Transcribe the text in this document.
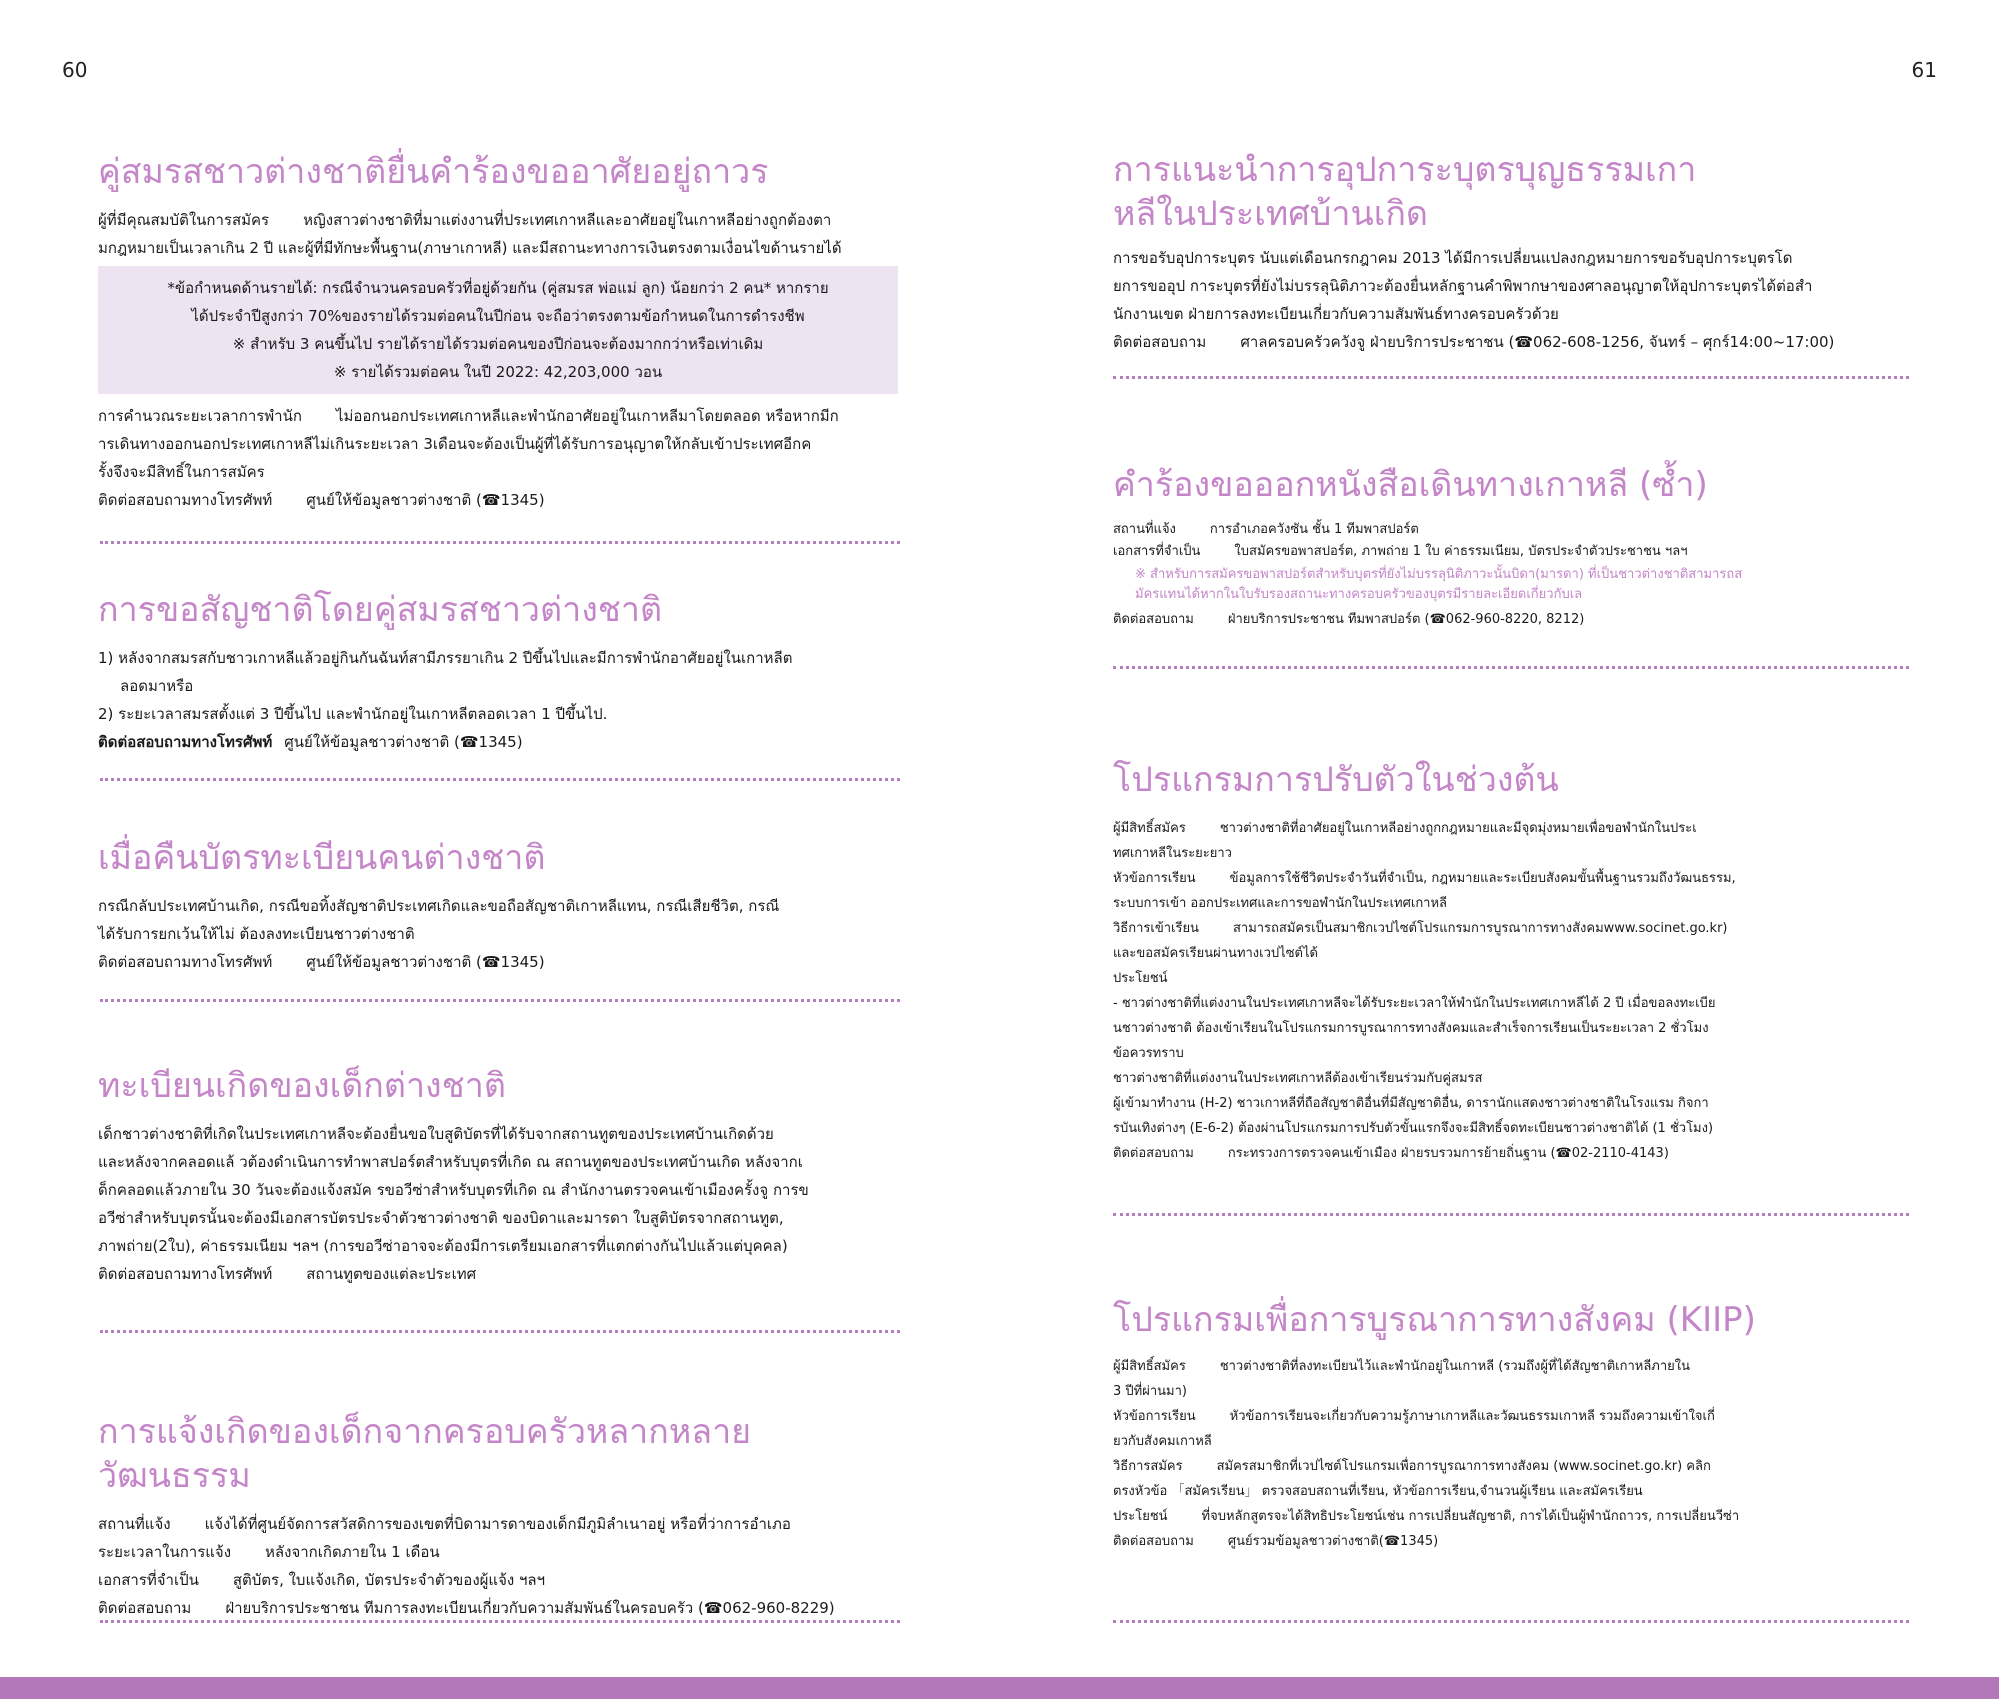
60	61
คู่สมรสชาวต่างชาติยื่นคำร้องขออาศัยอยู่ถาวร

ผู้ที่มีคุณสมบัติในการสมัคร หญิงสาวต่างชาติที่มาแต่งงานที่ประเทศเกาหลีและอาศัยอยู่ในเกาหลีอย่างถูกต้องตา

มกฎหมายเป็นเวลาเกิน 2 ปี และผู้ที่มีทักษะพื้นฐาน(ภาษาเกาหลี) และมีสถานะทางการเงินตรงตามเงื่อนไขด้านรายได้

*ข้อกำหนดด้านรายได้: กรณีจำนวนครอบครัวที่อยู่ด้วยกัน (คู่สมรส พ่อแม่ ลูก) น้อยกว่า 2 คน* หากราย
ได้ประจำปีสูงกว่า 70%ของรายได้รวมต่อคนในปีก่อน จะถือว่าตรงตามข้อกำหนดในการดำรงชีพ
※ สำหรับ 3 คนขึ้นไป รายได้รายได้รวมต่อคนของปีก่อนจะต้องมากกว่าหรือเท่าเดิม
※ รายได้รวมต่อคน ในปี 2022: 42,203,000 วอน

การคำนวณระยะเวลาการพำนัก ไม่ออกนอกประเทศเกาหลีและพำนักอาศัยอยู่ในเกาหลีมาโดยตลอด หรือหากมีก

ารเดินทางออกนอกประเทศเกาหลีไม่เกินระยะเวลา 3เดือนจะต้องเป็นผู้ที่ได้รับการอนุญาตให้กลับเข้าประเทศอีกค

รั้งจึงจะมีสิทธิ์ในการสมัคร

ติดต่อสอบถามทางโทรศัพท์ ศูนย์ให้ข้อมูลชาวต่างชาติ (☎1345)

การขอสัญชาติโดยคู่สมรสชาวต่างชาติ

1) หลังจากสมรสกับชาวเกาหลีแล้วอยู่กินกันฉันท์สามีภรรยาเกิน 2 ปีขึ้นไปและมีการพำนักอาศัยอยู่ในเกาหลีต

ลอดมาหรือ

2) ระยะเวลาสมรสตั้งแต่ 3 ปีขึ้นไป และพำนักอยู่ในเกาหลีตลอดเวลา 1 ปีขึ้นไป.

ติดต่อสอบถามทางโทรศัพท์ ศูนย์ให้ข้อมูลชาวต่างชาติ (☎1345)

เมื่อคืนบัตรทะเบียนคนต่างชาติ

กรณีกลับประเทศบ้านเกิด, กรณีขอทิ้งสัญชาติประเทศเกิดและขอถือสัญชาติเกาหลีแทน, กรณีเสียชีวิต, กรณี

ได้รับการยกเว้นให้ไม่ ต้องลงทะเบียนชาวต่างชาติ

ติดต่อสอบถามทางโทรศัพท์ ศูนย์ให้ข้อมูลชาวต่างชาติ (☎1345)

ทะเบียนเกิดของเด็กต่างชาติ

เด็กชาวต่างชาติที่เกิดในประเทศเกาหลีจะต้องยื่นขอใบสูติบัตรที่ได้รับจากสถานทูตของประเทศบ้านเกิดด้วย

และหลังจากคลอดแล้ วต้องดำเนินการทำพาสปอร์ตสำหรับบุตรที่เกิด ณ สถานทูตของประเทศบ้านเกิด หลังจากเ

ด็กคลอดแล้วภายใน 30 วันจะต้องแจ้งสมัค รขอวีซ่าสำหรับบุตรที่เกิด ณ สำนักงานตรวจคนเข้าเมืองครั้งจู การข

อวีซ่าสำหรับบุตรนั้นจะต้องมีเอกสารบัตรประจำตัวชาวต่างชาติ ของบิดาและมารดา ใบสูติบัตรจากสถานทูต,

ภาพถ่าย(2ใบ), ค่าธรรมเนียม ฯลฯ (การขอวีซ่าอาจจะต้องมีการเตรียมเอกสารที่แตกต่างกันไปแล้วแต่บุคคล)

ติดต่อสอบถามทางโทรศัพท์ สถานทูตของแต่ละประเทศ

การแจ้งเกิดของเด็กจากครอบครัวหลากหลายวัฒนธรรม

สถานที่แจ้ง แจ้งได้ที่ศูนย์จัดการสวัสดิการของเขตที่บิดามารดาของเด็กมีภูมิลำเนาอยู่ หรือที่ว่าการอำเภอ

ระยะเวลาในการแจ้ง หลังจากเกิดภายใน 1 เดือน

เอกสารที่จำเป็น สูติบัตร, ใบแจ้งเกิด, บัตรประจำตัวของผู้แจ้ง ฯลฯ

ติดต่อสอบถาม ฝ่ายบริการประชาชน ทีมการลงทะเบียนเกี่ยวกับความสัมพันธ์ในครอบครัว (☎062-960-8229)

การแนะนำการอุปการะบุตรบุญธรรมเกา
หลีในประเทศบ้านเกิด

การขอรับอุปการะบุตร นับแต่เดือนกรกฎาคม 2013 ได้มีการเปลี่ยนแปลงกฎหมายการขอรับอุปการะบุตรโด

ยการขออุป การะบุตรที่ยังไม่บรรลุนิติภาวะต้องยื่นหลักฐานคำพิพากษาของศาลอนุญาตให้อุปการะบุตรได้ต่อสำ

นักงานเขต ฝ่ายการลงทะเบียนเกี่ยวกับความสัมพันธ์ทางครอบครัวด้วย

ติดต่อสอบถาม ศาลครอบครัวควังจู ฝ่ายบริการประชาชน (☎062-608-1256, จันทร์ – ศุกร์14:00~17:00)

คำร้องขอออกหนังสือเดินทางเกาหลี (ซ้ำ)

สถานที่แจ้ง	การอำเภอควังซัน ชั้น 1 ทีมพาสปอร์ต

เอกสารที่จำเป็น	ใบสมัครขอพาสปอร์ต, ภาพถ่าย 1 ใบ ค่าธรรมเนียม, บัตรประจำตัวประชาชน ฯลฯ

※ สำหรับการสมัครขอพาสปอร์ตสำหรับบุตรที่ยังไม่บรรลุนิติภาวะนั้นบิดา(มารดา) ที่เป็นชาวต่างชาติสามารถส
มัครแทนได้หากในใบรับรองสถานะทางครอบครัวของบุตรมีรายละเอียดเกี่ยวกับเล

ติดต่อสอบถาม	ฝ่ายบริการประชาชน ทีมพาสปอร์ต (☎062-960-8220, 8212)

โปรแกรมการปรับตัวในช่วงต้น

ผู้มีสิทธิ์สมัคร	ชาวต่างชาติที่อาศัยอยู่ในเกาหลีอย่างถูกกฎหมายและมีจุดมุ่งหมายเพื่อขอพำนักในประเ

ทศเกาหลีในระยะยาว

หัวข้อการเรียน	ข้อมูลการใช้ชีวิตประจำวันที่จำเป็น, กฎหมายและระเบียบสังคมขั้นพื้นฐานรวมถึงวัฒนธรรม,

ระบบการเข้า ออกประเทศและการขอพำนักในประเทศเกาหลี

วิธีการเข้าเรียน	สามารถสมัครเป็นสมาชิกเวปไซต์โปรแกรมการบูรณาการทางสังคมwww.socinet.go.kr)

และขอสมัครเรียนผ่านทางเวปไซต์ได้

ประโยชน์

- ชาวต่างชาติที่แต่งงานในประเทศเกาหลีจะได้รับระยะเวลาให้พำนักในประเทศเกาหลีได้ 2 ปี เมื่อขอลงทะเบีย

นชาวต่างชาติ ต้องเข้าเรียนในโปรแกรมการบูรณาการทางสังคมและสำเร็จการเรียนเป็นระยะเวลา 2 ชั่วโมง

ข้อควรทราบ

ชาวต่างชาติที่แต่งงานในประเทศเกาหลีต้องเข้าเรียนร่วมกับคู่สมรส

ผู้เข้ามาทำงาน (H-2) ชาวเกาหลีที่ถือสัญชาติอื่นที่มีสัญชาติอื่น, ดารานักแสดงชาวต่างชาติในโรงแรม กิจกา

รบันเทิงต่างๆ (E-6-2) ต้องผ่านโปรแกรมการปรับตัวขั้นแรกจึงจะมีสิทธิ์จดทะเบียนชาวต่างชาติได้ (1 ชั่วโมง)

ติดต่อสอบถาม	กระทรวงการตรวจคนเข้าเมือง ฝ่ายรบรวมการย้ายถิ่นฐาน (☎02-2110-4143)

โปรแกรมเพื่อการบูรณาการทางสังคม (KIIP)

ผู้มีสิทธิ์สมัคร	ชาวต่างชาติที่ลงทะเบียนไว้และพำนักอยู่ในเกาหลี (รวมถึงผู้ที่ได้สัญชาติเกาหลีภายใน

3 ปีที่ผ่านมา)

หัวข้อการเรียน	หัวข้อการเรียนจะเกี่ยวกับความรู้ภาษาเกาหลีและวัฒนธรรมเกาหลี รวมถึงความเข้าใจเกี่

ยวกับสังคมเกาหลี

วิธีการสมัคร	สมัครสมาชิกที่เวปไซต์โปรแกรมเพื่อการบูรณาการทางสังคม (www.socinet.go.kr) คลิก

ตรงหัวข้อ 「สมัครเรียน」 ตรวจสอบสถานที่เรียน, หัวข้อการเรียน,จำนวนผู้เรียน และสมัครเรียน

ประโยชน์	ที่จบหลักสูตรจะได้สิทธิประโยชน์เช่น การเปลี่ยนสัญชาติ, การได้เป็นผู้พำนักถาวร, การเปลี่ยนวีซ่า

ติดต่อสอบถาม	ศูนย์รวมข้อมูลชาวต่างชาติ(☎1345)
